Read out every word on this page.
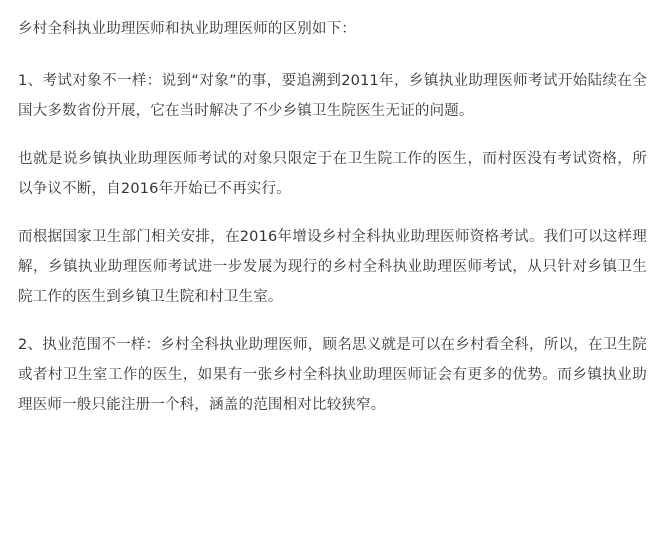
乡村全科执业助理医师和执业助理医师的区别如下：

1、考试对象不一样：说到“对象”的事，要追溯到2011年，乡镇执业助理医师考试开始陆续在全国大多数省份开展，它在当时解决了不少乡镇卫生院医生无证的问题。

也就是说乡镇执业助理医师考试的对象只限定于在卫生院工作的医生，而村医没有考试资格，所以争议不断，自2016年开始已不再实行。

而根据国家卫生部门相关安排，在2016年增设乡村全科执业助理医师资格考试。我们可以这样理解，乡镇执业助理医师考试进一步发展为现行的乡村全科执业助理医师考试，从只针对乡镇卫生院工作的医生到乡镇卫生院和村卫生室。

2、执业范围不一样：乡村全科执业助理医师，顾名思义就是可以在乡村看全科，所以，在卫生院或者村卫生室工作的医生，如果有一张乡村全科执业助理医师证会有更多的优势。而乡镇执业助理医师一般只能注册一个科，涵盖的范围相对比较狭窄。
